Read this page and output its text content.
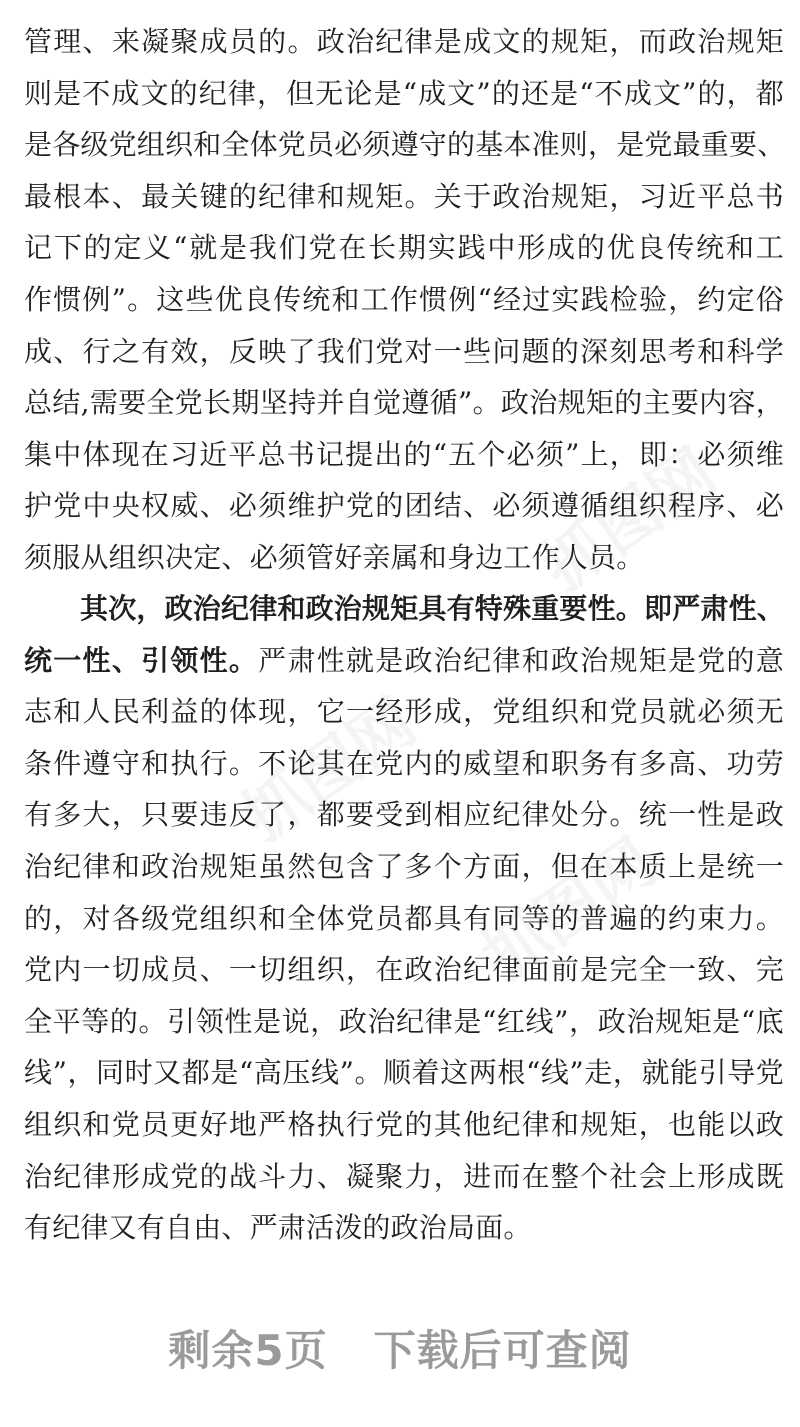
抓图网
抓图网
抓图网
管理、来凝聚成员的。政治纪律是成文的规矩，而政治规矩
则是不成文的纪律，但无论是“成文”的还是“不成文”的，都
是各级党组织和全体党员必须遵守的基本准则，是党最重要、
最根本、最关键的纪律和规矩。关于政治规矩，习近平总书
记下的定义“就是我们党在长期实践中形成的优良传统和工
作惯例”。这些优良传统和工作惯例“经过实践检验，约定俗
成、行之有效，反映了我们党对一些问题的深刻思考和科学
总结,需要全党长期坚持并自觉遵循”。政治规矩的主要内容，
集中体现在习近平总书记提出的“五个必须”上，即：必须维
护党中央权威、必须维护党的团结、必须遵循组织程序、必
须服从组织决定、必须管好亲属和身边工作人员。
其次，政治纪律和政治规矩具有特殊重要性。即严肃性、
统一性、引领性。严肃性就是政治纪律和政治规矩是党的意
志和人民利益的体现，它一经形成，党组织和党员就必须无
条件遵守和执行。不论其在党内的威望和职务有多高、功劳
有多大，只要违反了，都要受到相应纪律处分。统一性是政
治纪律和政治规矩虽然包含了多个方面，但在本质上是统一
的，对各级党组织和全体党员都具有同等的普遍的约束力。
党内一切成员、一切组织，在政治纪律面前是完全一致、完
全平等的。引领性是说，政治纪律是“红线”，政治规矩是“底
线”，同时又都是“高压线”。顺着这两根“线”走，就能引导党
组织和党员更好地严格执行党的其他纪律和规矩，也能以政
治纪律形成党的战斗力、凝聚力，进而在整个社会上形成既
有纪律又有自由、严肃活泼的政治局面。
剩余5页 下载后可查阅
